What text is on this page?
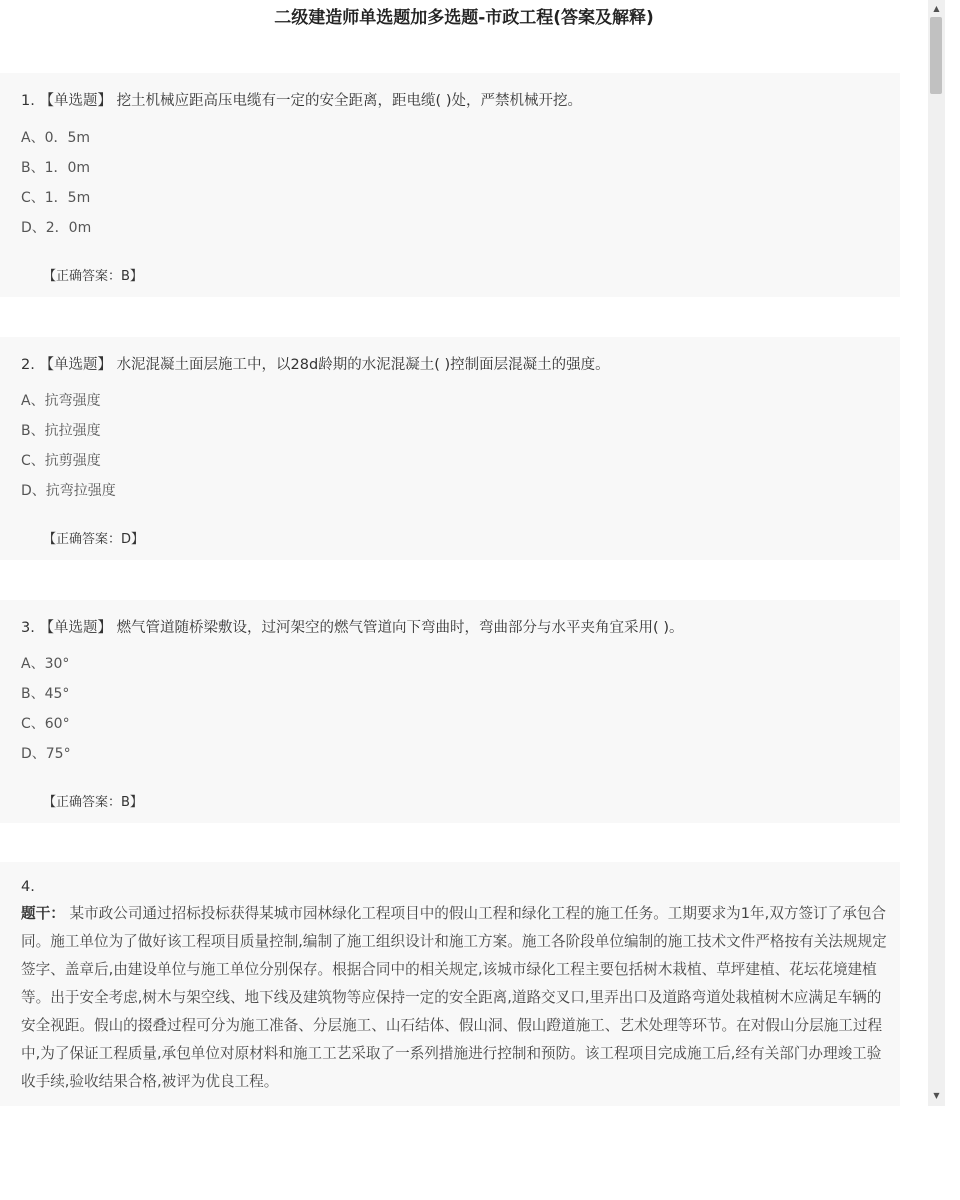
二级建造师单选题加多选题-市政工程(答案及解释)
1. 【单选题】 挖土机械应距高压电缆有一定的安全距离，距电缆( )处，严禁机械开挖。
A、0．5m
B、1．0m
C、1．5m
D、2．0m
【正确答案：B】
2. 【单选题】 水泥混凝土面层施工中，以28d龄期的水泥混凝土( )控制面层混凝土的强度。
A、抗弯强度
B、抗拉强度
C、抗剪强度
D、抗弯拉强度
【正确答案：D】
3. 【单选题】 燃气管道随桥梁敷设，过河架空的燃气管道向下弯曲时，弯曲部分与水平夹角宜采用( )。
A、30°
B、45°
C、60°
D、75°
【正确答案：B】
4.

题干： 某市政公司通过招标投标获得某城市园林绿化工程项目中的假山工程和绿化工程的施工任务。工期要求为1年,双方签订了承包合同。施工单位为了做好该工程项目质量控制,编制了施工组织设计和施工方案。施工各阶段单位编制的施工技术文件严格按有关法规规定签字、盖章后,由建设单位与施工单位分别保存。根据合同中的相关规定,该城市绿化工程主要包括树木栽植、草坪建植、花坛花境建植等。出于安全考虑,树木与架空线、地下线及建筑物等应保持一定的安全距离,道路交叉口,里弄出口及道路弯道处栽植树木应满足车辆的安全视距。假山的掇叠过程可分为施工准备、分层施工、山石结体、假山洞、假山蹬道施工、艺术处理等环节。在对假山分层施工过程中,为了保证工程质量,承包单位对原材料和施工工艺采取了一系列措施进行控制和预防。该工程项目完成施工后,经有关部门办理竣工验收手续,验收结果合格,被评为优良工程。

▲
▼
